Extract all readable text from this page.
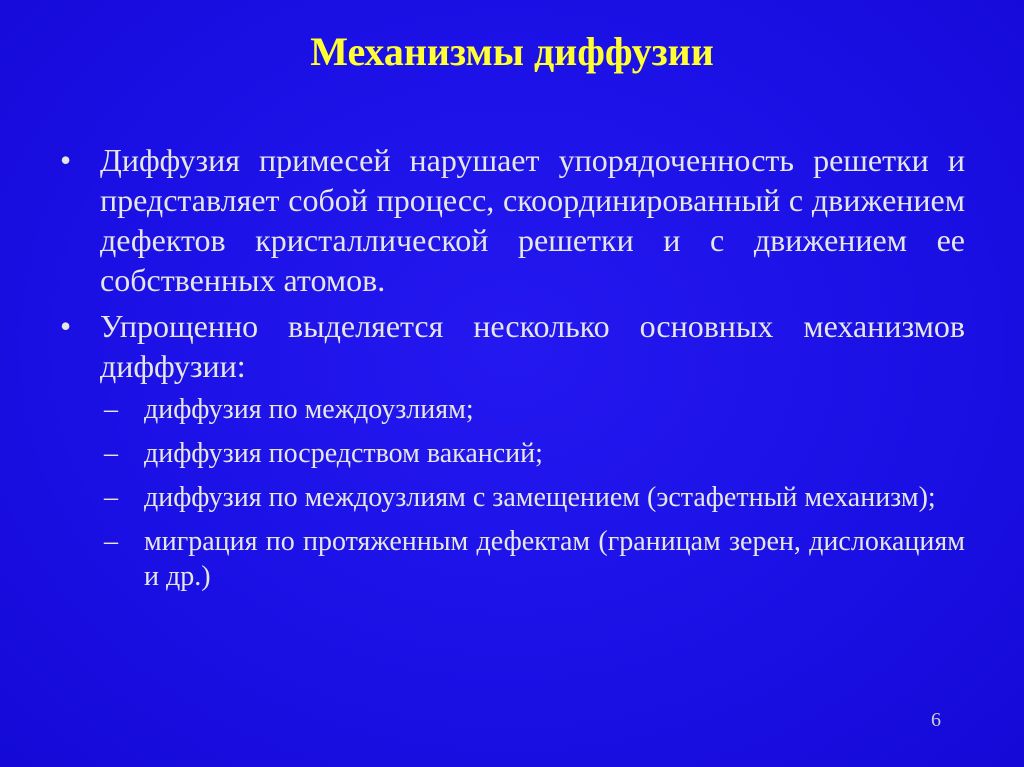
Механизмы диффузии
• Диффузия примесей нарушает упорядоченность решетки и представляет собой процесс, скоординированный с движением дефектов кристаллической решетки и с движением ее собственных атомов.
• Упрощенно выделяется несколько основных механизмов диффузии:
– диффузия по междоузлиям;
– диффузия посредством вакансий;
– диффузия по междоузлиям с замещением (эстафетный механизм);
– миграция по протяженным дефектам (границам зерен, дислокациям и др.)
6
